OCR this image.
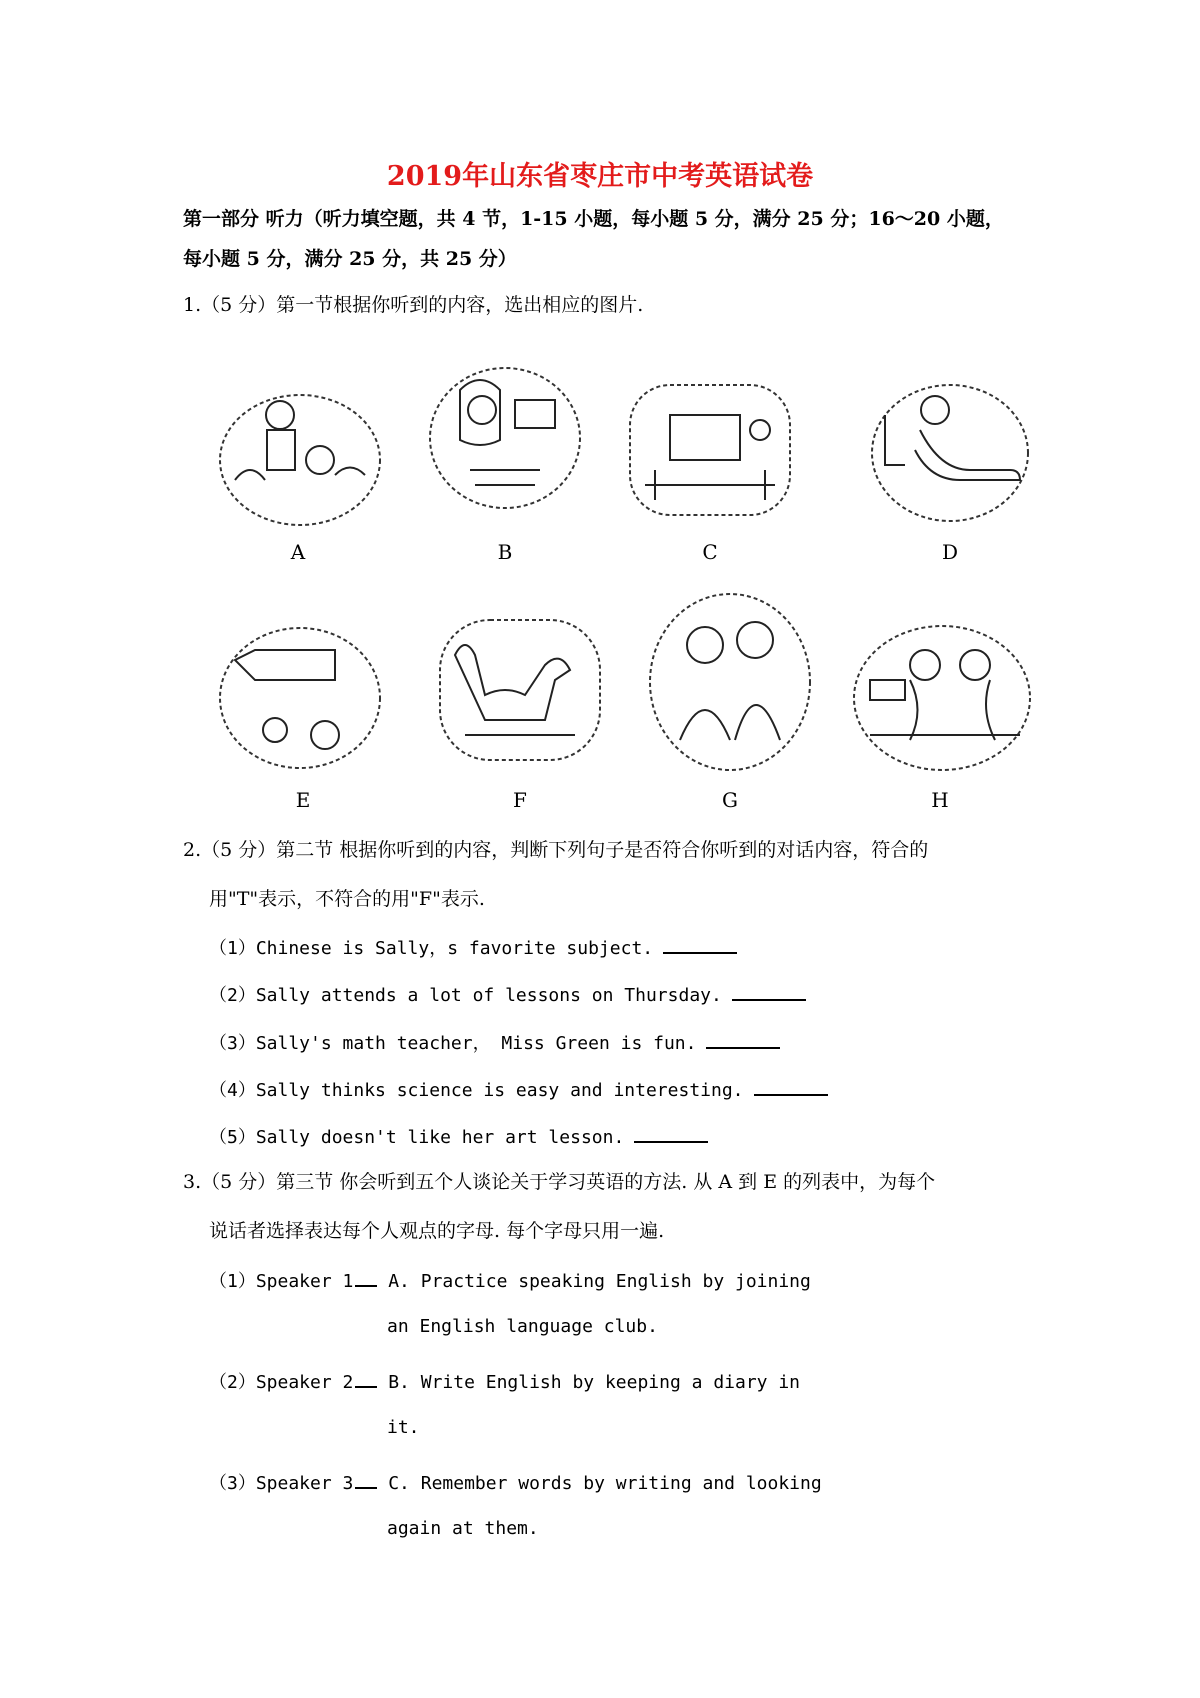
2019年山东省枣庄市中考英语试卷

第一部分 听力（听力填空题，共 4 节，1-15 小题，每小题 5 分，满分 25 分；16～20 小题，

每小题 5 分，满分 25 分，共 25 分）

1.（5 分）第一节根据你听到的内容，选出相应的图片.
A	B	C	D
E	F	G	H
2.（5 分）第二节 根据你听到的内容，判断下列句子是否符合你听到的对话内容，符合的
用"T"表示，不符合的用"F"表示.
（1）Chinese is Sally，s favorite subject.
（2）Sally attends a lot of lessons on Thursday.
（3）Sally's math teacher， Miss Green is fun.
（4）Sally thinks science is easy and interesting.
（5）Sally doesn't like her art lesson.
3.（5 分）第三节 你会听到五个人谈论关于学习英语的方法. 从 A 到 E 的列表中，为每个
说话者选择表达每个人观点的字母. 每个字母只用一遍.
（1）Speaker 1 A. Practice speaking English by joining
an English language club.
（2）Speaker 2 B. Write English by keeping a diary in
it.
（3）Speaker 3 C. Remember words by writing and looking
again at them.
